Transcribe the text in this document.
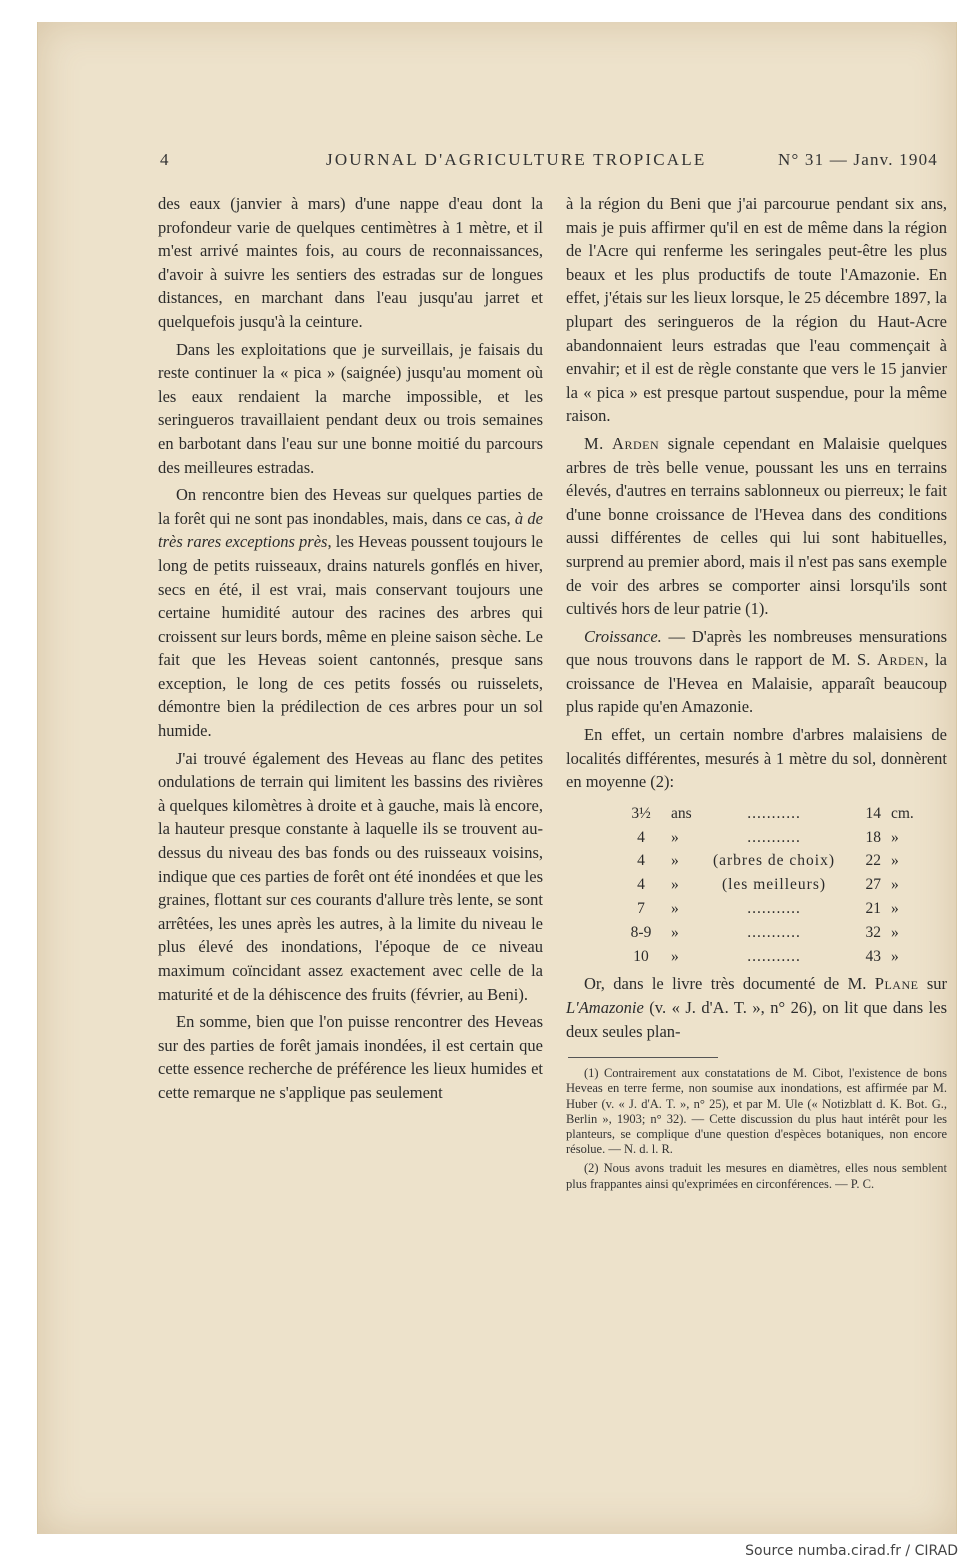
4	JOURNAL D'AGRICULTURE TROPICALE	N° 31 — Janv. 1904

des eaux (janvier à mars) d'une nappe d'eau dont la profondeur varie de quelques centimètres à 1 mètre, et il m'est arrivé maintes fois, au cours de reconnaissances, d'avoir à suivre les sentiers des estradas sur de longues distances, en marchant dans l'eau jusqu'au jarret et quelquefois jusqu'à la ceinture.

Dans les exploitations que je surveillais, je faisais du reste continuer la « pica » (saignée) jusqu'au moment où les eaux rendaient la marche impossible, et les seringueros travaillaient pendant deux ou trois semaines en barbotant dans l'eau sur une bonne moitié du parcours des meilleures estradas.

On rencontre bien des Heveas sur quelques parties de la forêt qui ne sont pas inondables, mais, dans ce cas, à de très rares exceptions près, les Heveas poussent toujours le long de petits ruisseaux, drains naturels gonflés en hiver, secs en été, il est vrai, mais conservant toujours une certaine humidité autour des racines des arbres qui croissent sur leurs bords, même en pleine saison sèche. Le fait que les Heveas soient cantonnés, presque sans exception, le long de ces petits fossés ou ruisselets, démontre bien la prédilection de ces arbres pour un sol humide.

J'ai trouvé également des Heveas au flanc des petites ondulations de terrain qui limitent les bassins des rivières à quelques kilomètres à droite et à gauche, mais là encore, la hauteur presque constante à laquelle ils se trouvent au-dessus du niveau des bas fonds ou des ruisseaux voisins, indique que ces parties de forêt ont été inondées et que les graines, flottant sur ces courants d'allure très lente, se sont arrêtées, les unes après les autres, à la limite du niveau le plus élevé des inondations, l'époque de ce niveau maximum coïncidant assez exactement avec celle de la maturité et de la déhiscence des fruits (février, au Beni).

En somme, bien que l'on puisse rencontrer des Heveas sur des parties de forêt jamais inondées, il est certain que cette essence recherche de préférence les lieux humides et cette remarque ne s'applique pas seulement

à la région du Beni que j'ai parcourue pendant six ans, mais je puis affirmer qu'il en est de même dans la région de l'Acre qui renferme les seringales peut-être les plus beaux et les plus productifs de toute l'Amazonie. En effet, j'étais sur les lieux lorsque, le 25 décembre 1897, la plupart des seringueros de la région du Haut-Acre abandonnaient leurs estradas que l'eau commençait à envahir; et il est de règle constante que vers le 15 janvier la « pica » est presque partout suspendue, pour la même raison.

M. Arden signale cependant en Malaisie quelques arbres de très belle venue, poussant les uns en terrains élevés, d'autres en terrains sablonneux ou pierreux; le fait d'une bonne croissance de l'Hevea dans des conditions aussi différentes de celles qui lui sont habituelles, surprend au premier abord, mais il n'est pas sans exemple de voir des arbres se comporter ainsi lorsqu'ils sont cultivés hors de leur patrie (1).

Croissance. — D'après les nombreuses mensurations que nous trouvons dans le rapport de M. S. Arden, la croissance de l'Hevea en Malaisie, apparaît beaucoup plus rapide qu'en Amazonie.

En effet, un certain nombre d'arbres malaisiens de localités différentes, mesurés à 1 mètre du sol, donnèrent en moyenne (2):

3½	ans	...........	14	cm.
4	»	...........	18	»
4	»	(arbres de choix)	22	»
4	»	(les meilleurs)	27	»
7	»	...........	21	»
8-9	»	...........	32	»
10	»	...........	43	»

Or, dans le livre très documenté de M. Plane sur L'Amazonie (v. « J. d'A. T. », n° 26), on lit que dans les deux seules plan-

(1) Contrairement aux constatations de M. Cibot, l'existence de bons Heveas en terre ferme, non soumise aux inondations, est affirmée par M. Huber (v. « J. d'A. T. », n° 25), et par M. Ule (« Notizblatt d. K. Bot. G., Berlin », 1903; n° 32). — Cette discussion du plus haut intérêt pour les planteurs, se complique d'une question d'espèces botaniques, non encore résolue. — N. d. l. R.

(2) Nous avons traduit les mesures en diamètres, elles nous semblent plus frappantes ainsi qu'exprimées en circonférences. — P. C.

Source numba.cirad.fr / CIRAD
